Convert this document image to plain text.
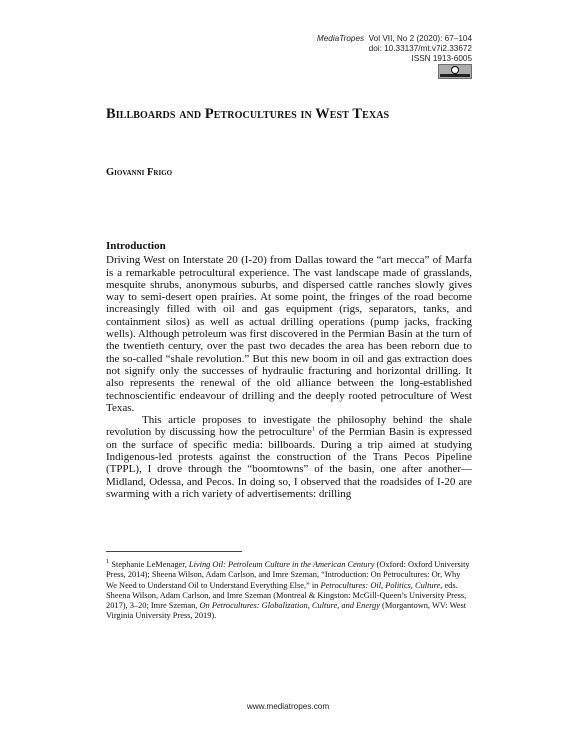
MediaTropes Vol VII, No 2 (2020): 67–104
doi: 10.33137/mt.v7i2.33672
ISSN 1913-6005
Billboards and Petrocultures in West Texas
Giovanni Frigo
Introduction

Driving West on Interstate 20 (I-20) from Dallas toward the “art mecca” of Marfa is a remarkable petrocultural experience. The vast landscape made of grasslands, mesquite shrubs, anonymous suburbs, and dispersed cattle ranches slowly gives way to semi-desert open prairies. At some point, the fringes of the road become increasingly filled with oil and gas equipment (rigs, separators, tanks, and containment silos) as well as actual drilling operations (pump jacks, fracking wells). Although petroleum was first discovered in the Permian Basin at the turn of the twentieth century, over the past two decades the area has been reborn due to the so-called “shale revolution.” But this new boom in oil and gas extraction does not signify only the successes of hydraulic fracturing and horizontal drilling. It also represents the renewal of the old alliance between the long-established technoscientific endeavour of drilling and the deeply rooted petroculture of West Texas.

This article proposes to investigate the philosophy behind the shale revolution by discussing how the petroculture$^1$ of the Permian Basin is expressed on the surface of specific media: billboards. During a trip aimed at studying Indigenous-led protests against the construction of the Trans Pecos Pipeline (TPPL), I drove through the “boomtowns” of the basin, one after another—Midland, Odessa, and Pecos. In doing so, I observed that the roadsides of I-20 are swarming with a rich variety of advertisements: drilling

$^1$ Stephanie LeMenager, Living Oil: Petroleum Culture in the American Century (Oxford: Oxford University Press, 2014); Sheena Wilson, Adam Carlson, and Imre Szeman, “Introduction: On Petrocultures: Or, Why We Need to Understand Oil to Understand Everything Else,” in Petrocultures: Oil, Politics, Culture, eds. Sheena Wilson, Adam Carlson, and Imre Szeman (Montreal & Kingston: McGill-Queen’s University Press, 2017), 3–20; Imre Szeman, On Petrocultures: Globalization, Culture, and Energy (Morgantown, WV: West Virginia University Press, 2019).
www.mediatropes.com
